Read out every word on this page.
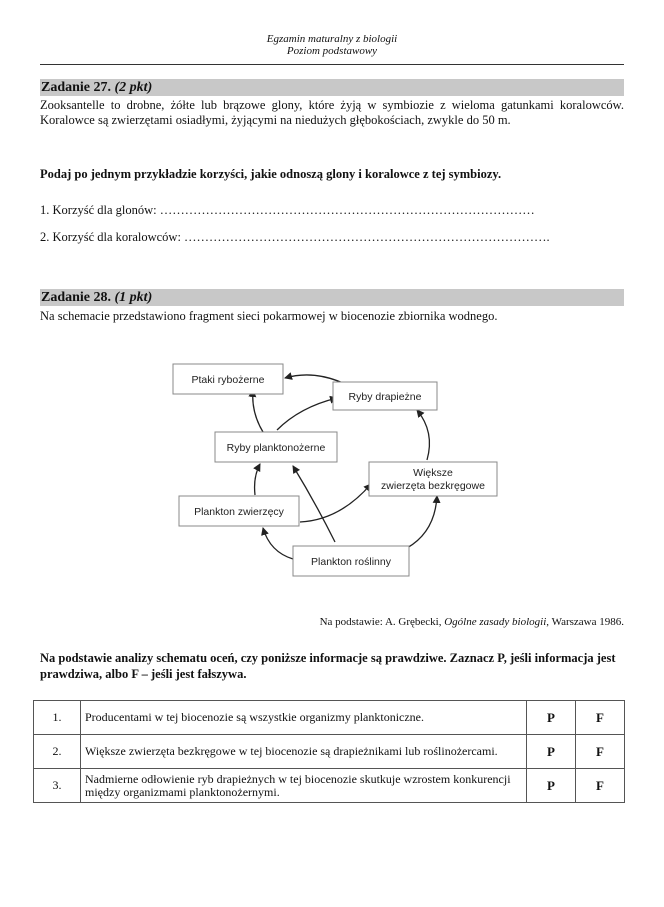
Egzamin maturalny z biologii
Poziom podstawowy
Zadanie 27. (2 pkt)
Zooksantelle to drobne, żółte lub brązowe glony, które żyją w symbiozie z wieloma gatunkami koralowców. Koralowce są zwierzętami osiadłymi, żyjącymi na niedużych głębokościach, zwykle do 50 m.
Podaj po jednym przykładzie korzyści, jakie odnoszą glony i koralowce z tej symbiozy.
1. Korzyść dla glonów: ………………………………………………………………………………
2. Korzyść dla koralowców: …………………………………………………………………………….
Zadanie 28. (1 pkt)
Na schemacie przedstawiono fragment sieci pokarmowej w biocenozie zbiornika wodnego.
Ptaki rybożerne
Ryby drapieżne
Ryby planktonożerne
Większe
zwierzęta bezkręgowe
Plankton zwierzęcy
Plankton roślinny
Na podstawie: A. Grębecki, Ogólne zasady biologii, Warszawa 1986.
Na podstawie analizy schematu oceń, czy poniższe informacje są prawdziwe. Zaznacz P, jeśli informacja jest prawdziwa, albo F – jeśli jest fałszywa.
1.	Producentami w tej biocenozie są wszystkie organizmy planktoniczne.	P	F
2.	Większe zwierzęta bezkręgowe w tej biocenozie są drapieżnikami lub roślinożercami.	P	F
3.	Nadmierne odłowienie ryb drapieżnych w tej biocenozie skutkuje wzrostem konkurencji między organizmami planktonożernymi.	P	F
